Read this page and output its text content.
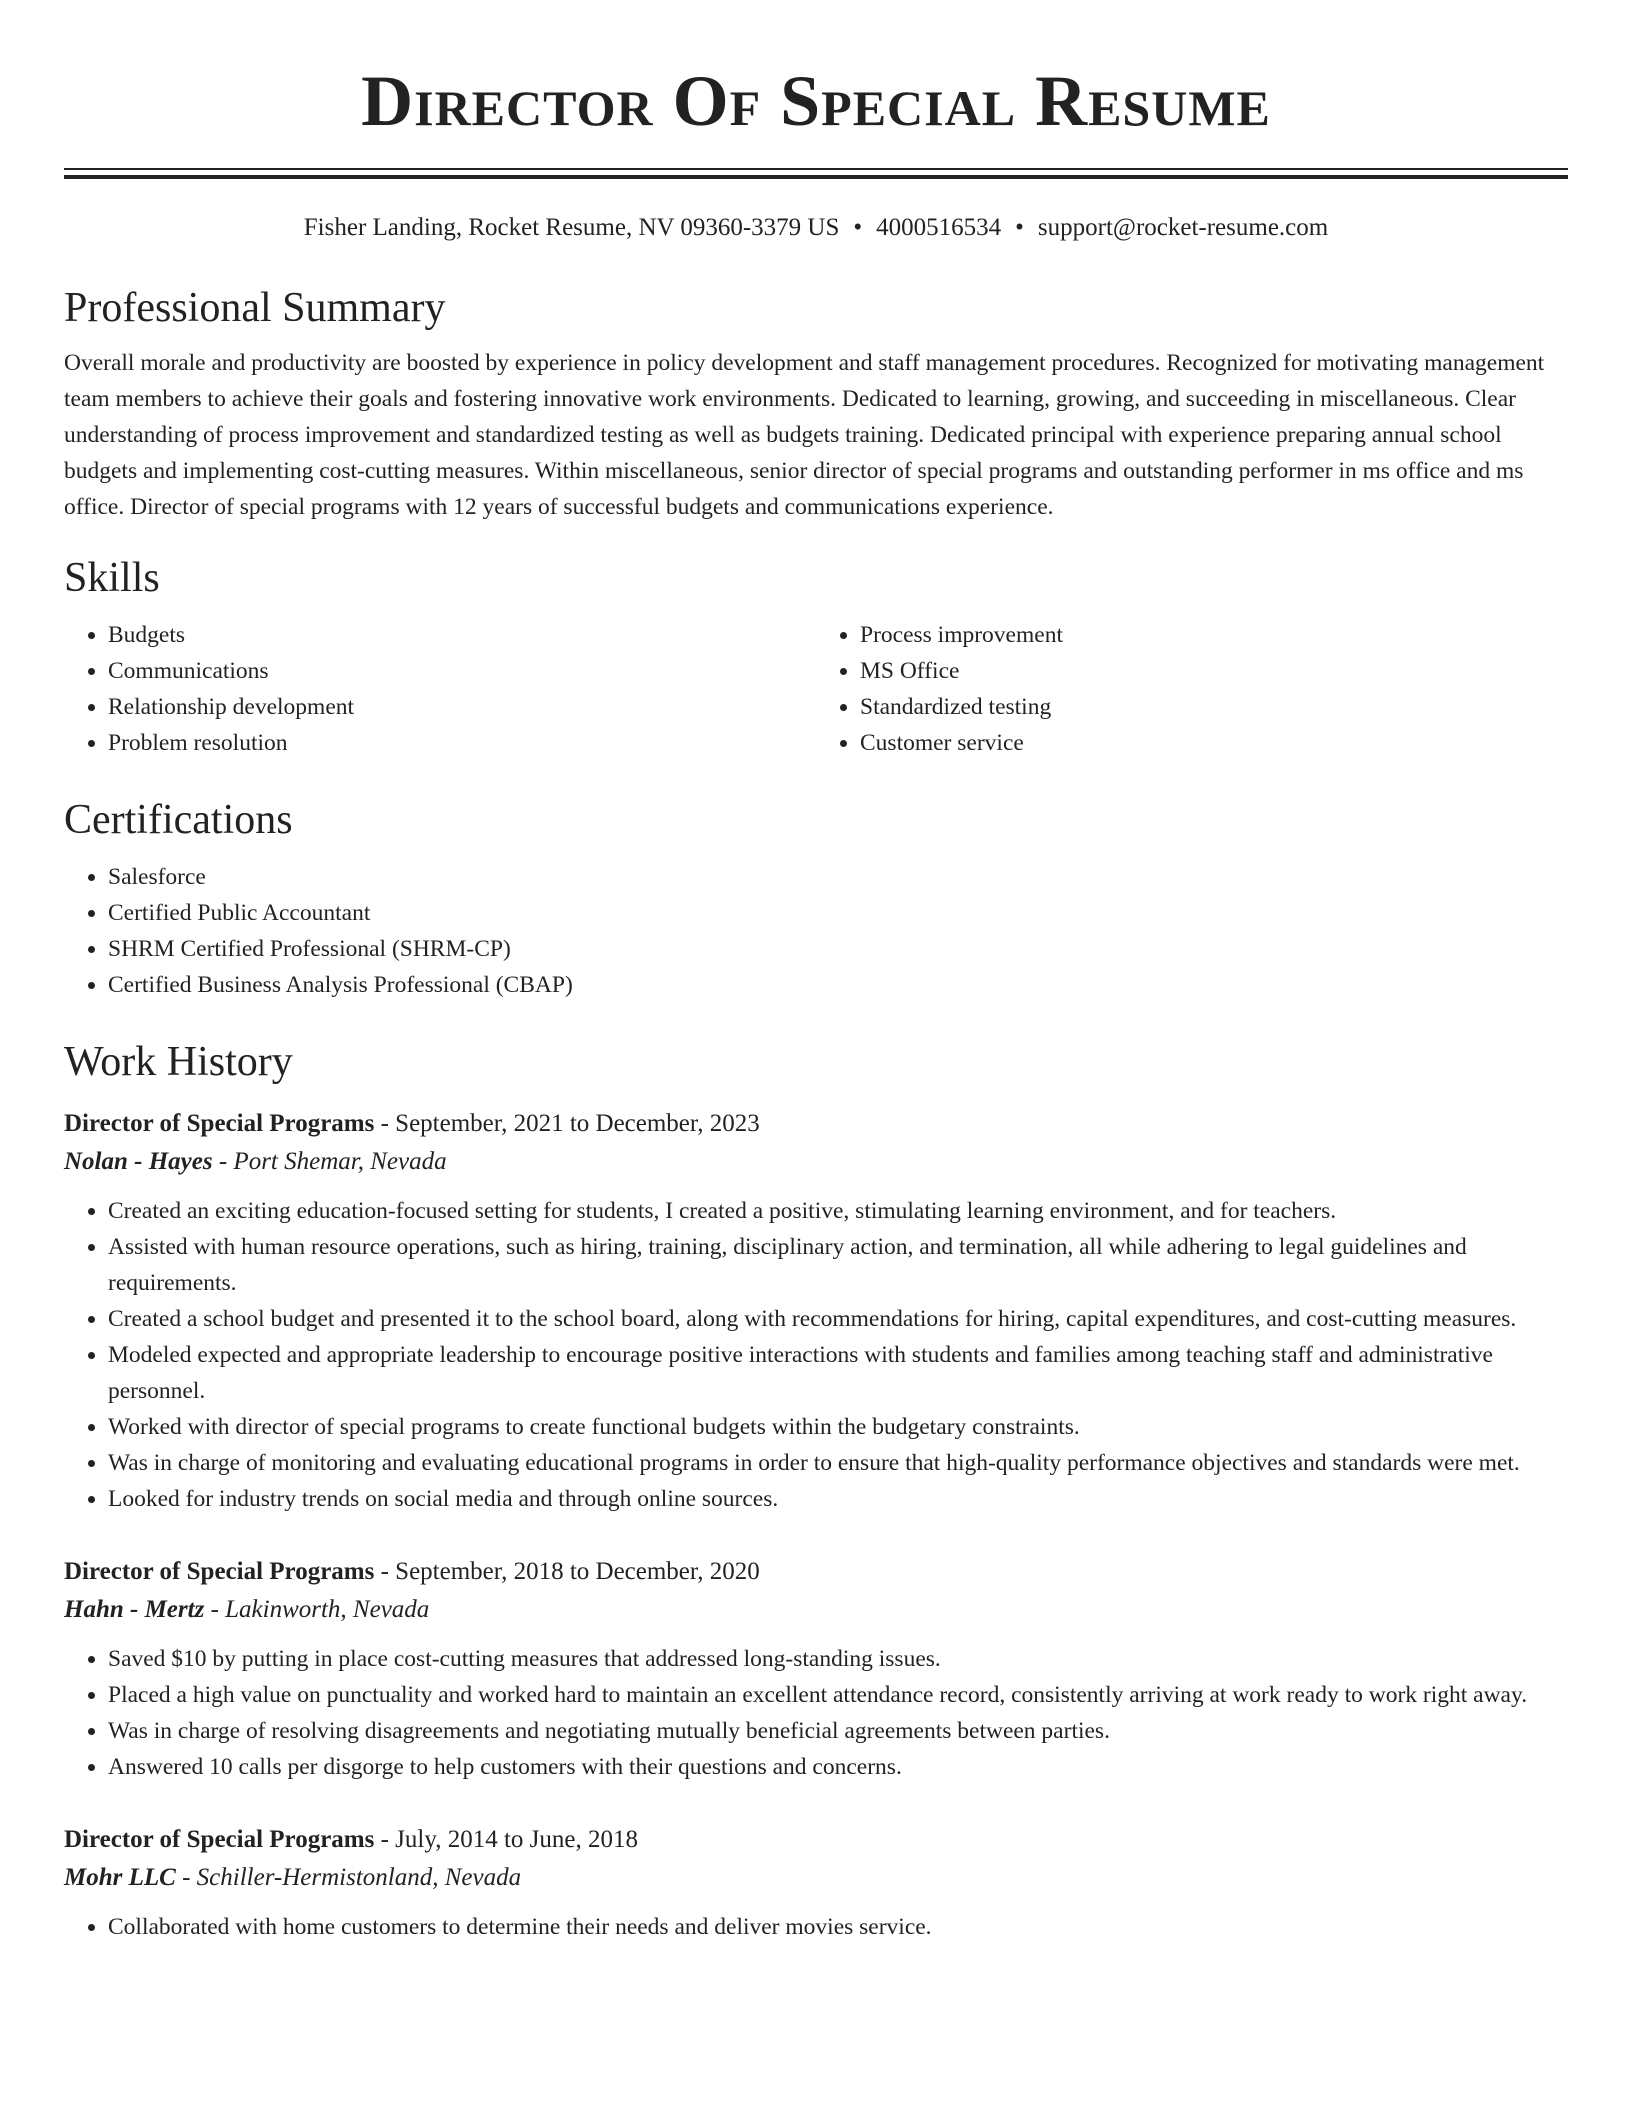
Director Of Special Resume
Fisher Landing, Rocket Resume, NV 09360-3379 US • 4000516534 • support@rocket-resume.com
Professional Summary

Overall morale and productivity are boosted by experience in policy development and staff management procedures. Recognized for motivating management team members to achieve their goals and fostering innovative work environments. Dedicated to learning, growing, and succeeding in miscellaneous. Clear understanding of process improvement and standardized testing as well as budgets training. Dedicated principal with experience preparing annual school budgets and implementing cost-cutting measures. Within miscellaneous, senior director of special programs and outstanding performer in ms office and ms office. Director of special programs with 12 years of successful budgets and communications experience.

Skills
• Budgets
• Communications
• Relationship development
• Problem resolution
• Process improvement
• MS Office
• Standardized testing
• Customer service
Certifications
• Salesforce
• Certified Public Accountant
• SHRM Certified Professional (SHRM-CP)
• Certified Business Analysis Professional (CBAP)
Work History
Director of Special Programs - September, 2021 to December, 2023
Nolan - Hayes - Port Shemar, Nevada
• Created an exciting education-focused setting for students, I created a positive, stimulating learning environment, and for teachers.
• Assisted with human resource operations, such as hiring, training, disciplinary action, and termination, all while adhering to legal guidelines and requirements.
• Created a school budget and presented it to the school board, along with recommendations for hiring, capital expenditures, and cost-cutting measures.
• Modeled expected and appropriate leadership to encourage positive interactions with students and families among teaching staff and administrative personnel.
• Worked with director of special programs to create functional budgets within the budgetary constraints.
• Was in charge of monitoring and evaluating educational programs in order to ensure that high-quality performance objectives and standards were met.
• Looked for industry trends on social media and through online sources.
Director of Special Programs - September, 2018 to December, 2020
Hahn - Mertz - Lakinworth, Nevada
• Saved $10 by putting in place cost-cutting measures that addressed long-standing issues.
• Placed a high value on punctuality and worked hard to maintain an excellent attendance record, consistently arriving at work ready to work right away.
• Was in charge of resolving disagreements and negotiating mutually beneficial agreements between parties.
• Answered 10 calls per disgorge to help customers with their questions and concerns.
Director of Special Programs - July, 2014 to June, 2018
Mohr LLC - Schiller-Hermistonland, Nevada
• Collaborated with home customers to determine their needs and deliver movies service.
